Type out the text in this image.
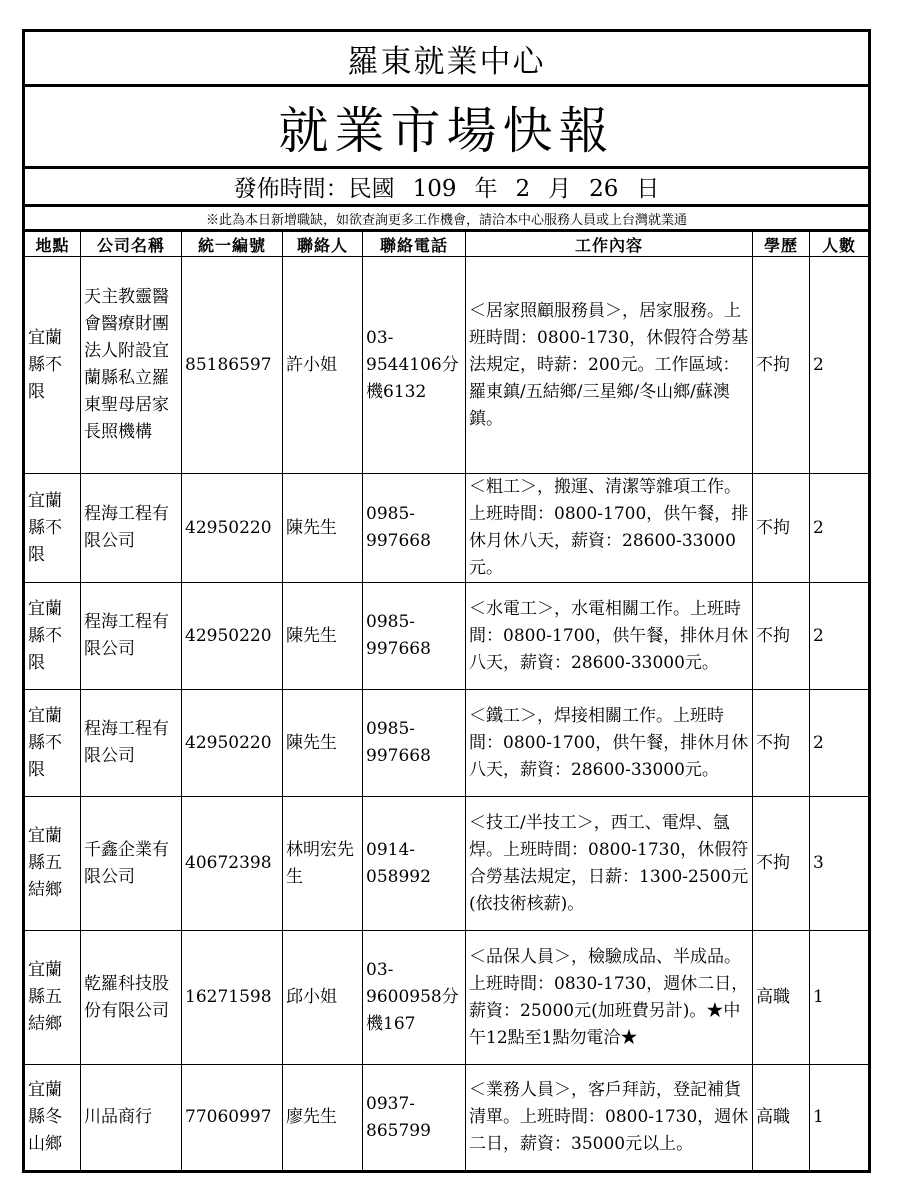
羅東就業中心							
就業市場快報							
發佈時間：民國 109 年 2 月 26 日							
※此為本日新增職缺，如欲查詢更多工作機會，請洽本中心服務人員或上台灣就業通							
地點	公司名稱	統一編號	聯絡人	聯絡電話	工作內容	學歷	人數
宜蘭縣不限	天主教靈醫會醫療財團法人附設宜蘭縣私立羅東聖母居家長照機構	85186597	許小姐	03-9544106分機6132	＜居家照顧服務員＞，居家服務。上班時間：0800-1730，休假符合勞基法規定，時薪：200元。工作區域：羅東鎮/五結鄉/三星鄉/冬山鄉/蘇澳鎮。	不拘	2
宜蘭縣不限	程海工程有限公司	42950220	陳先生	0985-997668	＜粗工＞，搬運、清潔等雜項工作。上班時間：0800-1700，供午餐，排休月休八天，薪資：28600-33000元。	不拘	2
宜蘭縣不限	程海工程有限公司	42950220	陳先生	0985-997668	＜水電工＞，水電相關工作。上班時間：0800-1700，供午餐，排休月休八天，薪資：28600-33000元。	不拘	2
宜蘭縣不限	程海工程有限公司	42950220	陳先生	0985-997668	＜鐵工＞，焊接相關工作。上班時間：0800-1700，供午餐，排休月休八天，薪資：28600-33000元。	不拘	2
宜蘭縣五結鄉	千鑫企業有限公司	40672398	林明宏先生	0914-058992	＜技工/半技工＞，西工、電焊、氬焊。上班時間：0800-1730，休假符合勞基法規定，日薪：1300-2500元(依技術核薪)。	不拘	3
宜蘭縣五結鄉	乾羅科技股份有限公司	16271598	邱小姐	03-9600958分機167	＜品保人員＞，檢驗成品、半成品。上班時間：0830-1730，週休二日，薪資：25000元(加班費另計)。★中午12點至1點勿電洽★	高職	1
宜蘭縣冬山鄉	川品商行	77060997	廖先生	0937-865799	＜業務人員＞，客戶拜訪，登記補貨清單。上班時間：0800-1730，週休二日，薪資：35000元以上。	高職	1
